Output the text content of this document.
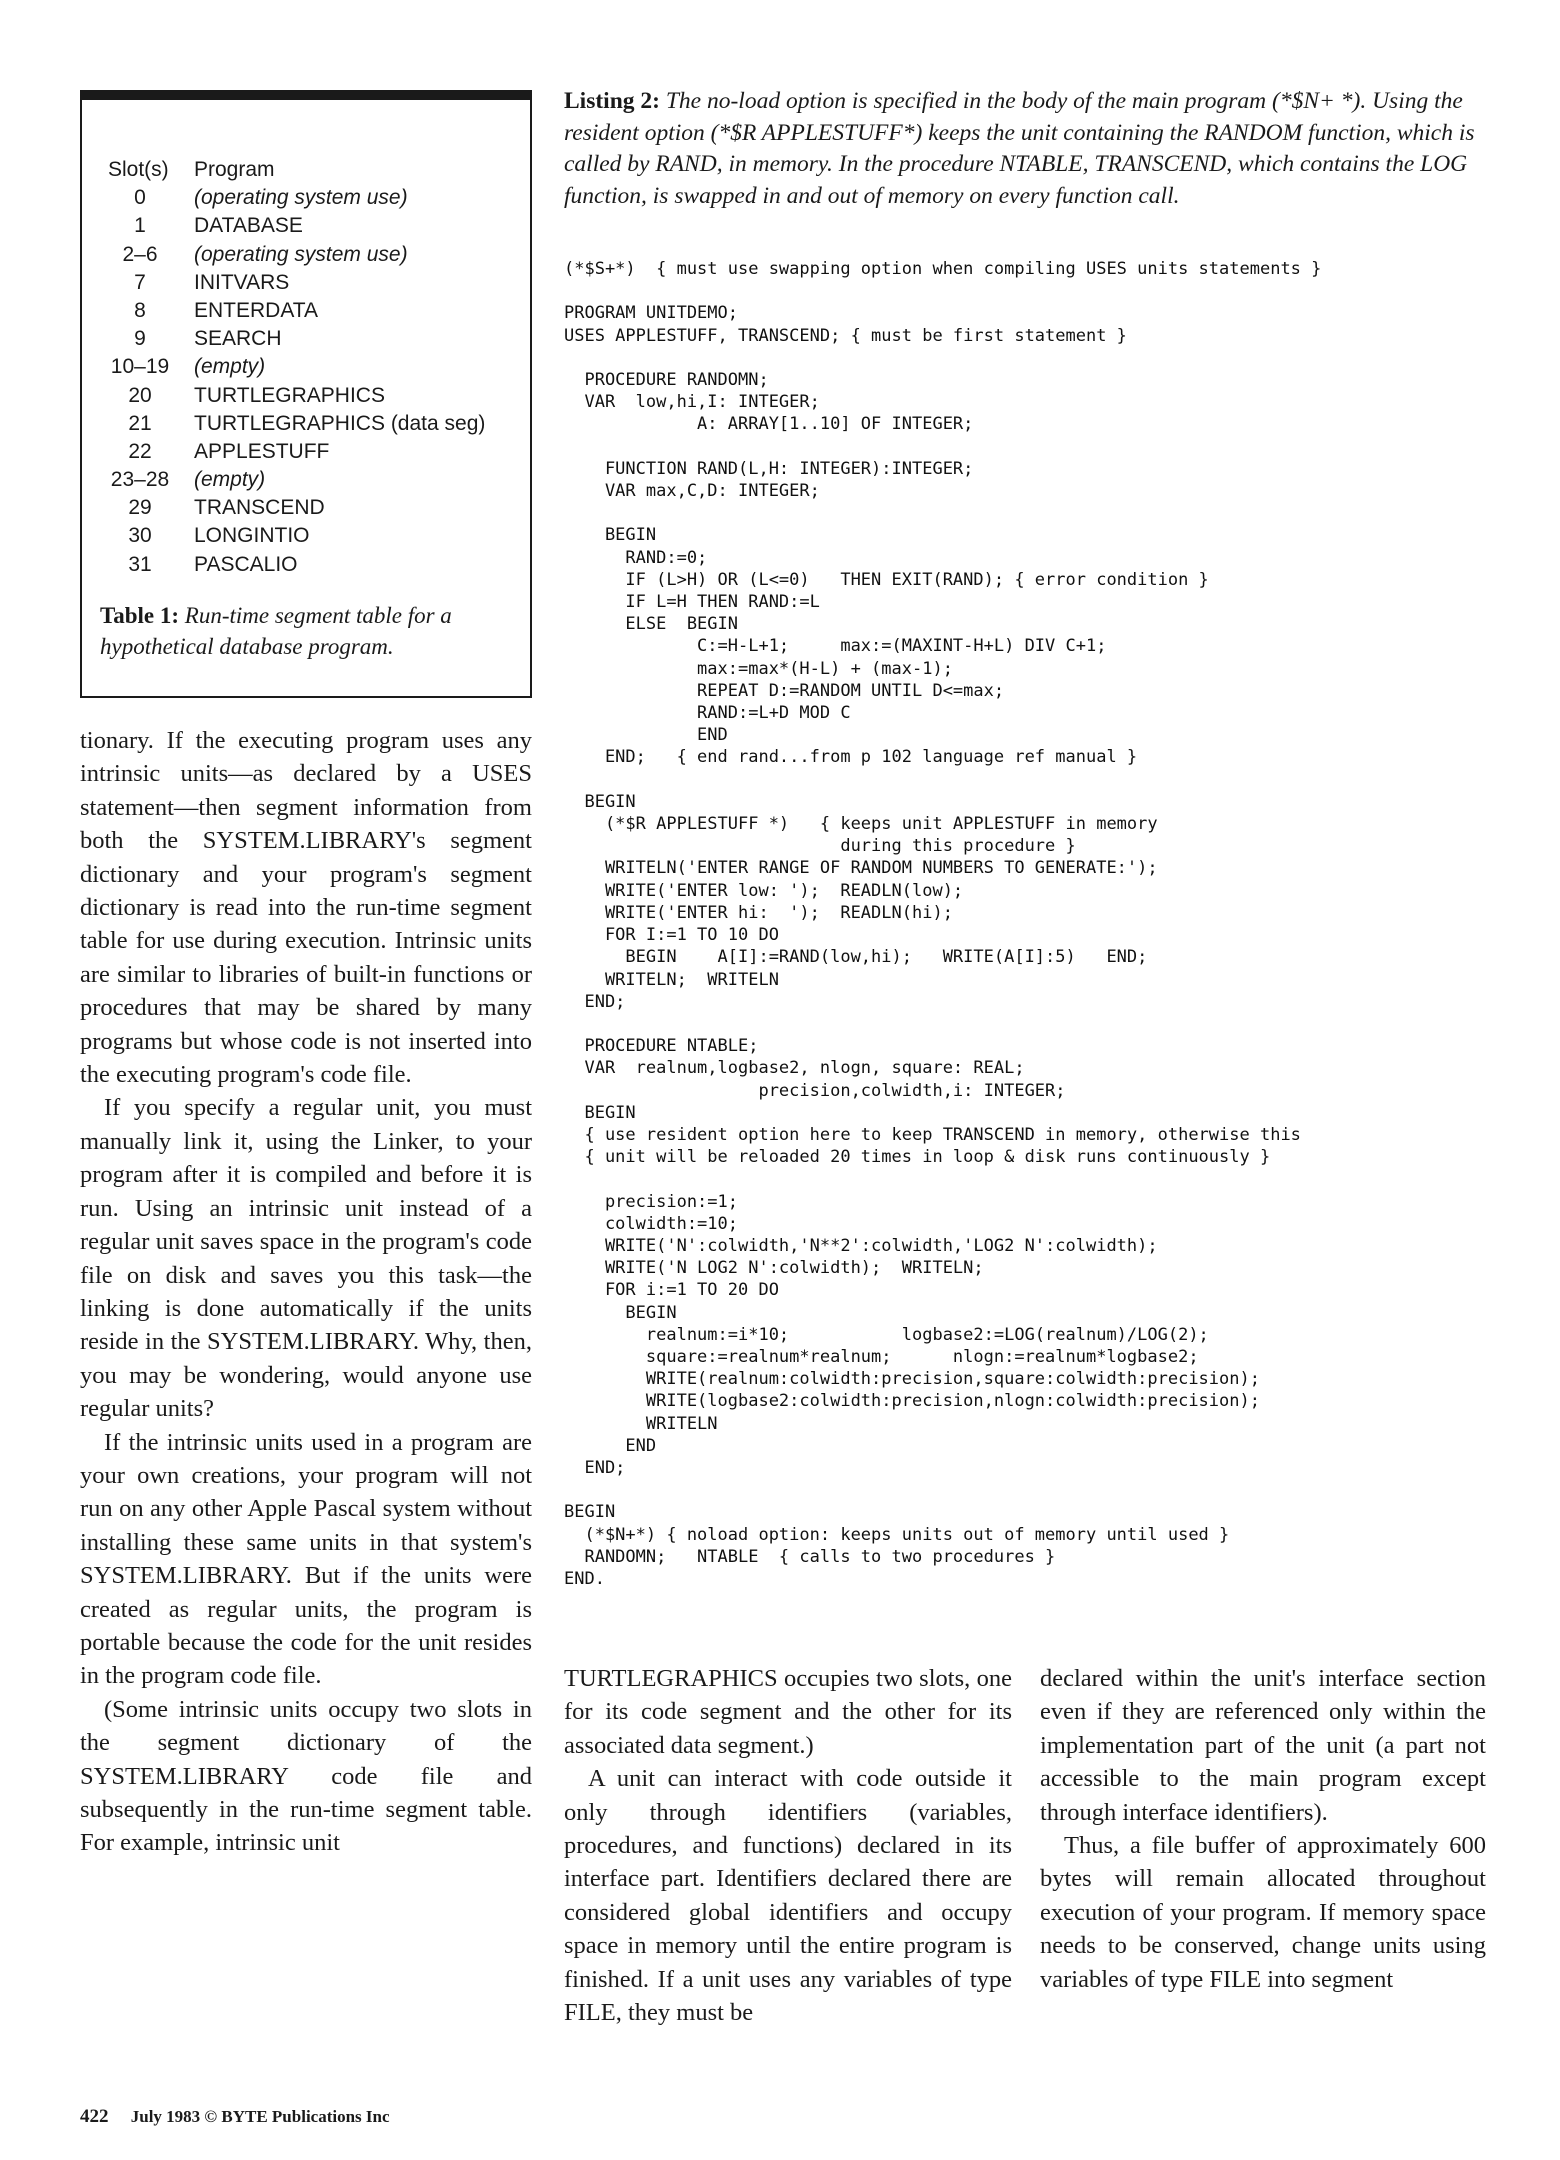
Slot(s)	Program
0	(operating system use)
1	DATABASE
2–6	(operating system use)
7	INITVARS
8	ENTERDATA
9	SEARCH
10–19	(empty)
20	TURTLEGRAPHICS
21	TURTLEGRAPHICS (data seg)
22	APPLESTUFF
23–28	(empty)
29	TRANSCEND
30	LONGINTIO
31	PASCALIO
Table 1: Run-time segment table for a hypothetical database program.
Listing 2: The no-load option is specified in the body of the main program (*$N+ *). Using the resident option (*$R APPLESTUFF*) keeps the unit containing the RANDOM function, which is called by RAND, in memory. In the procedure NTABLE, TRANSCEND, which contains the LOG function, is swapped in and out of memory on every function call.
(*$S+*)  { must use swapping option when compiling USES units statements }

PROGRAM UNITDEMO;
USES APPLESTUFF, TRANSCEND; { must be first statement }

PROCEDURE RANDOMN;
VAR  low,hi,I: INTEGER;
A: ARRAY[1..10] OF INTEGER;

FUNCTION RAND(L,H: INTEGER):INTEGER;
VAR max,C,D: INTEGER;

BEGIN
RAND:=0;
IF (L>H) OR (L<=0)   THEN EXIT(RAND); { error condition }
IF L=H THEN RAND:=L
ELSE  BEGIN
C:=H-L+1;     max:=(MAXINT-H+L) DIV C+1;
max:=max*(H-L) + (max-1);
REPEAT D:=RANDOM UNTIL D<=max;
RAND:=L+D MOD C
END
END;   { end rand...from p 102 language ref manual }

BEGIN
(*$R APPLESTUFF *)   { keeps unit APPLESTUFF in memory
during this procedure }
WRITELN('ENTER RANGE OF RANDOM NUMBERS TO GENERATE:');
WRITE('ENTER low: ');  READLN(low);
WRITE('ENTER hi:  ');  READLN(hi);
FOR I:=1 TO 10 DO
BEGIN    A[I]:=RAND(low,hi);   WRITE(A[I]:5)   END;
WRITELN;  WRITELN
END;

PROCEDURE NTABLE;
VAR  realnum,logbase2, nlogn, square: REAL;
precision,colwidth,i: INTEGER;
BEGIN
{ use resident option here to keep TRANSCEND in memory, otherwise this
{ unit will be reloaded 20 times in loop & disk runs continuously }

precision:=1;
colwidth:=10;
WRITE('N':colwidth,'N**2':colwidth,'LOG2 N':colwidth);
WRITE('N LOG2 N':colwidth);  WRITELN;
FOR i:=1 TO 20 DO
BEGIN
realnum:=i*10;           logbase2:=LOG(realnum)/LOG(2);
square:=realnum*realnum;      nlogn:=realnum*logbase2;
WRITE(realnum:colwidth:precision,square:colwidth:precision);
WRITE(logbase2:colwidth:precision,nlogn:colwidth:precision);
WRITELN
END
END;

BEGIN
(*$N+*) { noload option: keeps units out of memory until used }
RANDOMN;   NTABLE  { calls to two procedures }
END.

tionary. If the executing program uses any intrinsic units—as declared by a USES statement—then segment information from both the SYSTEM.LIBRARY's segment dictionary and your program's segment dictionary is read into the run-time segment table for use during execution. Intrinsic units are similar to libraries of built-in functions or procedures that may be shared by many programs but whose code is not inserted into the executing program's code file.

If you specify a regular unit, you must manually link it, using the Linker, to your program after it is compiled and before it is run. Using an intrinsic unit instead of a regular unit saves space in the program's code file on disk and saves you this task—the linking is done automatically if the units reside in the SYSTEM.LIBRARY. Why, then, you may be wondering, would anyone use regular units?

If the intrinsic units used in a program are your own creations, your program will not run on any other Apple Pascal system without installing these same units in that system's SYSTEM.LIBRARY. But if the units were created as regular units, the program is portable because the code for the unit resides in the program code file.

(Some intrinsic units occupy two slots in the segment dictionary of the SYSTEM.LIBRARY code file and subsequently in the run-time segment table. For example, intrinsic unit

TURTLEGRAPHICS occupies two slots, one for its code segment and the other for its associated data segment.)

A unit can interact with code outside it only through identifiers (variables, procedures, and functions) declared in its interface part. Identifiers declared there are considered global identifiers and occupy space in memory until the entire program is finished. If a unit uses any variables of type FILE, they must be

declared within the unit's interface section even if they are referenced only within the implementation part of the unit (a part not accessible to the main program except through interface identifiers).

Thus, a file buffer of approximately 600 bytes will remain allocated throughout execution of your program. If memory space needs to be conserved, change units using variables of type FILE into segment

422 July 1983 © BYTE Publications Inc
